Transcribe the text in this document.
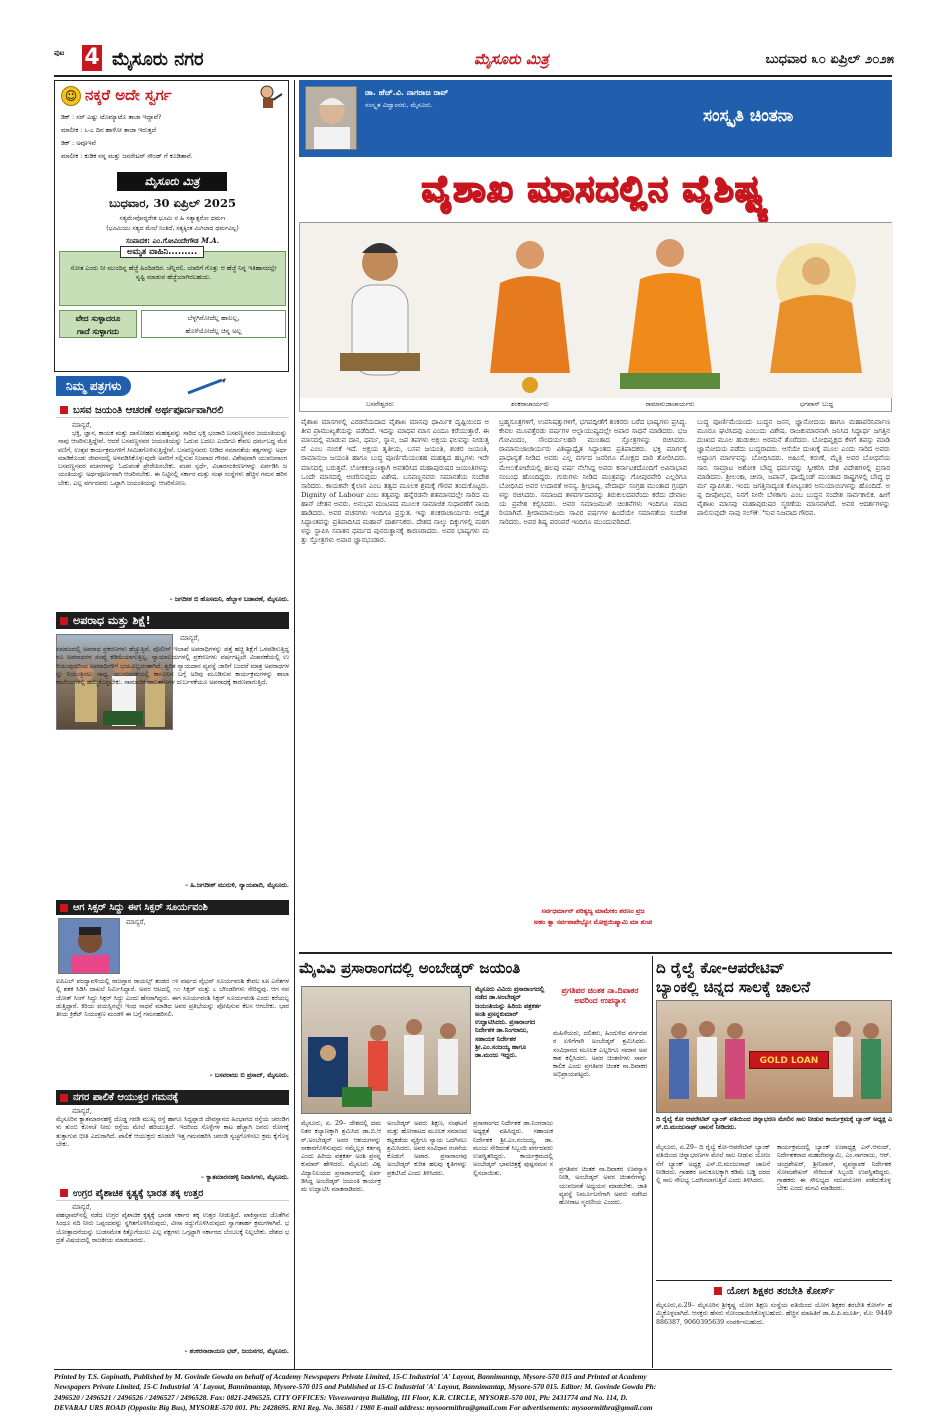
ಪುಟ 4 ಮೈಸೂರು ನಗರ	ಮೈಸೂರು ಮಿತ್ರ	ಬುಧವಾರ ೩೦ ಏಪ್ರಿಲ್ ೨೦೨೫
☺ ನಕ್ಕರೆ ಅದೇ ಸ್ವರ್ಗ
ಡಿಕ್ : ಸರ್ ಎಷ್ಟು ಟೊಮ್ಯಾಟೊ ತಾಜಾ ಇದ್ದಾವೆ?
ಮಾಲೀಕ : ೬-೭ ದಿನ ಹಾಳೋ ತಾಜಾ ಇರುತ್ತದೆ
ಡಿಕ್ : ಅವೂಇವೆ
ಮಾಲೀಕ : ಕುಡಿಕ ನನ್ನ ಮತ್ತು ಜನರೇಟರ್ ಸೌಂಡ್ ಗೆ ಕೂಡಿತಾವೆ.
ಮೈಸೂರು ಮಿತ್ರ
ಬುಧವಾರ, 30 ಏಪ್ರಿಲ್ 2025
ಸತ್ಯಮೇವೋದ್ಧರೇತ ಭೂಮಿ ನ ಹಿ ಸತ್ಯಾತ್ಪರೋ ಧರ್ಮಃ
(ಭೂಮಿಯು ಸತ್ಯದ ಮೇಲೆ ನಿಂತಿದೆ, ಸತ್ಯಕ್ಕಿಂತ ಮಿಗಿಲಾದ ಧರ್ಮವಿಲ್ಲ)
ಸಂಪಾದಕ: ಎಂ.ಗೋವಿಂದೇಗೌಡ M.A.
ಅಮೃತ ವಾಹಿನಿ.........
ಸೋತ ಎಂದು ನೀ ಮುಂದಿನ್ನ ಹೆಜ್ಜೆ ಹಿಂದಿಡದಿರ. ಚೆನ್ನಿರಲಿ, ಯಾರಿಗೆ ಗೊತ್ತು ಆ ಹೆಜ್ಜೆ ನಿನ್ನ ಇತಿಹಾಸದಲ್ಲೇ ಸೃಷ್ಟಿ ಮಾಡುವ ಹೆಜ್ಜೆಯಾಗಿರಬಹುದು.
ವೇದ ಸುಳ್ಳಾದರೂ
ಗಾದೆ ಸುಳ್ಳಾಗದು
ಬೆಳ್ಳಗಿರೋದೆಲ್ಲ ಹಾಲಲ್ಲ,
ಹೊಳೆಯೋದೆಲ್ಲ ಚಿನ್ನ ಅಲ್ಲ
ನಿಮ್ಮ ಪತ್ರಗಳು
ಬಸವ ಜಯಂತಿ ಆಚರಣೆ ಅರ್ಥಪೂರ್ಣವಾಗಿರಲಿ
ಮಾನ್ಯರೆ,
ಭಕ್ತಿ, ಜ್ಞಾನ, ಕಾಯಕ ಮತ್ತು ದಾಸೋಹದ ಮಹತ್ವವನ್ನು ಸಾರಿದ ಭಕ್ತಿ ಭಂಡಾರಿ ಬಸವಣ್ಣನವರ ಜಯಂತಿಯನ್ನು ನಾವು ಆಚರಿಸುತ್ತಿದ್ದೇವೆ. ಆದರೆ ಬಸವಣ್ಣನವರ ಜಯಂತಿಯನ್ನು ಓದುವ ಬದಲು ಎಂದಿಗೂ ಕೇವಲ ಧರ್ಮಬದ್ಧ ಮೆರವಣಿಗೆ, ಉತ್ಸವ ಕಾರ್ಯಕ್ರಮಗಳಿಗೆ ಸೀಮಿತಗೊಳಿಸುತ್ತಿದ್ದೇವೆ. ಬಸವಣ್ಣನವರು ನೀಡಿದ ಸಮಾನತೆಯ ತತ್ವಗಳನ್ನು ಅರ್ಥಮಾಡಿಕೊಂಡು ಜೀವನದಲ್ಲಿ ಅಳವಡಿಸಿಕೊಳ್ಳುವುದೇ ಅವರಿಗೆ ಸಲ್ಲಿಸುವ ನಿಜವಾದ ಗೌರವ. ವಿಶೇಷವಾಗಿ ಯುವಜನಾಂಗ ಬಸವಣ್ಣನವರ ವಚನಗಳನ್ನು ಓದುವಂತೆ ಪ್ರೇರೇಪಿಸಬೇಕು. ವಚನ ಸ್ಪರ್ಧೆ, ವಿಚಾರಸಂಕಿರಣಗಳನ್ನು ಏರ್ಪಡಿಸಿ ಜಯಂತಿಯನ್ನು ಅರ್ಥಪೂರ್ಣವಾಗಿ ಆಚರಿಸಬೇಕು. ಈ ನಿಟ್ಟಿನಲ್ಲಿ ಸರ್ಕಾರ ಮತ್ತು ಸಂಘ ಸಂಸ್ಥೆಗಳು ಹೆಚ್ಚಿನ ಗಮನ ಹರಿಸಬೇಕು. ಎಲ್ಲ ವರ್ಗದವರು ಒಟ್ಟಾಗಿ ಜಯಂತಿಯನ್ನು ಆಚರಿಸೋಣ.
– ಜಗದೀಶ ಬಿ ಹೊಸಮನಿ, ಹೆಬ್ಬಾಳ ಬಡಾವಣೆ, ಮೈಸೂರು.
ಅಪರಾಧ ಮತ್ತು ಶಿಕ್ಷೆ!
ಮಾನ್ಯರೆ,
ಸಮಾಜದಲ್ಲಿ ಅಪರಾಧ ಪ್ರಕರಣಗಳು ಹೆಚ್ಚುತ್ತಿವೆ. ಪೊಲೀಸ್ ಇಲಾಖೆ ಅಪರಾಧಿಗಳನ್ನು ಪತ್ತೆ ಹಚ್ಚಿ ಶಿಕ್ಷೆಗೆ ಒಳಪಡಿಸುತ್ತಿದ್ದರೂ ಅಪರಾಧಗಳ ಸಂಖ್ಯೆ ಕಡಿಮೆಯಾಗುತ್ತಿಲ್ಲ. ನ್ಯಾಯಾಲಯಗಳಲ್ಲಿ ಪ್ರಕರಣಗಳು ವರ್ಷಗಟ್ಟಲೇ ವಿಚಾರಣೆಯಲ್ಲಿ ಉಳಿಯುವುದರಿಂದ ಅಪರಾಧಿಗಳಿಗೆ ಭಯವಿಲ್ಲದಂತಾಗಿದೆ. ತ್ವರಿತ ನ್ಯಾಯದಾನ ವ್ಯವಸ್ಥೆ ಜಾರಿಗೆ ಬಂದರೆ ಮಾತ್ರ ಅಪರಾಧಗಳನ್ನು ನಿಯಂತ್ರಿಸಲು ಸಾಧ್ಯ. ಯುವಜನತೆಯಲ್ಲಿ ಕಾನೂನಿನ ಬಗ್ಗೆ ಅರಿವು ಮೂಡಿಸುವ ಕಾರ್ಯಕ್ರಮಗಳನ್ನು ಶಾಲಾ ಕಾಲೇಜುಗಳಲ್ಲಿ ಹಮ್ಮಿಕೊಳ್ಳಬೇಕು. ಸಾಮಾಜಿಕ ಜಾಲತಾಣಗಳ ದುರ್ಬಳಕೆಯೂ ಅಪರಾಧಕ್ಕೆ ಕಾರಣವಾಗುತ್ತಿದೆ.
– ಹಿ.ಜಗದೀಶ್ ಮುರುಳಿ, ನ್ಯಾಯವಾದಿ, ಮೈಸೂರು.
ಆಗ ಸಿಕ್ಸರ್ ಸಿದ್ದು ಈಗ ಸಿಕ್ಸರ್ ಸೂರ್ಯವಂಶಿ
ಮಾನ್ಯರೆ,
ಐಪಿಎಲ್ ಪಂದ್ಯಾವಳಿಯಲ್ಲಿ ರಾಜಸ್ತಾನ ರಾಯಲ್ಸ್ ತಂಡದ ೧೪ ವರ್ಷದ ವೈಭವ್ ಸೂರ್ಯವಂಶಿ ಕೇವಲ ೩೫ ಎಸೆತಗಳಲ್ಲಿ ಶತಕ ಸಿಡಿಸಿ ದಾಖಲೆ ನಿರ್ಮಿಸಿದ್ದಾರೆ. ಅವರ ಆಟದಲ್ಲಿ ೧೧ ಸಿಕ್ಸರ್ ಮತ್ತು ೭ ಬೌಂಡರಿಗಳು ಸೇರಿದ್ದವು. ಆಗ ನವಜೋತ್ ಸಿಂಗ್ ಸಿದ್ದು ಸಿಕ್ಸರ್ ಸಿದ್ದು ಎಂದು ಹೆಸರಾಗಿದ್ದರು. ಈಗ ಸೂರ್ಯವಂಶಿ ಸಿಕ್ಸರ್ ಸೂರ್ಯವಂಶಿ ಎಂದು ಕರೆಯಲ್ಪಡುತ್ತಿದ್ದಾರೆ. ಕಿರಿಯ ವಯಸ್ಸಿನಲ್ಲೇ ಇಂಥ ಸಾಧನೆ ಮಾಡಿದ ಅವರ ಪ್ರತಿಭೆಯನ್ನು ಪೋಷಿಸುವ ಕೆಲಸ ಆಗಬೇಕು. ಭಾರತೀಯ ಕ್ರಿಕೆಟ್ ನಿಯಂತ್ರಣ ಮಂಡಳಿ ಈ ಬಗ್ಗೆ ಗಮನಹರಿಸಲಿ.
– ಬಸವರಾಜು ಬಿ ಪ್ರಸಾದ್, ಮೈಸೂರು.
ನಗರ ಪಾಲಿಕೆ ಆಯುಕ್ತರ ಗಮನಕ್ಕೆ
ಮಾನ್ಯರೆ,
ಮೈಸೂರಿನ ಕ್ಯಾತಮಾರನಹಳ್ಳಿ ದೊಡ್ಡ ಗರಡಿ ಮುಖ್ಯ ರಸ್ತೆ ಹಾಗೂ ಸಿದ್ದಪ್ಪಾಜಿ ದೇವಸ್ಥಾನದ ಹಿಂಭಾಗದ ರಸ್ತೆಯ ಚರಂಡಿಗಳು ತುಂಬಿ ಕೊಳಚೆ ನೀರು ರಸ್ತೆಯ ಮೇಲೆ ಹರಿಯುತ್ತಿದೆ. ಇದರಿಂದ ಸೊಳ್ಳೆಗಳ ಕಾಟ ಹೆಚ್ಚಾಗಿ ಜನರು ರೋಗಕ್ಕೆ ತುತ್ತಾಗುವ ಭೀತಿ ಎದುರಾಗಿದೆ. ಪಾಲಿಕೆ ಆಯುಕ್ತರು ಕೂಡಲೇ ಇತ್ತ ಗಮನಹರಿಸಿ ಚರಂಡಿ ಸ್ವಚ್ಛಗೊಳಿಸಲು ಕ್ರಮ ಕೈಗೊಳ್ಳಬೇಕು.
– ಕ್ಯಾತಮಾರನಹಳ್ಳಿ ನಿವಾಸಿಗಳು, ಮೈಸೂರು.
ಉಗ್ರರ ಪೈಶಾಚಿಕ ಕೃತ್ಯಕ್ಕೆ ಭಾರತ ತಕ್ಕ ಉತ್ತರ
ಮಾನ್ಯರೆ,
ಪಹಲ್ಗಾಮ್‌ನಲ್ಲಿ ನಡೆದ ಉಗ್ರರ ಪೈಶಾಚಿಕ ಕೃತ್ಯಕ್ಕೆ ಭಾರತ ಸರ್ಕಾರ ತಕ್ಕ ಉತ್ತರ ನೀಡುತ್ತಿದೆ. ಪಾಕಿಸ್ತಾನದ ಜೊತೆಗಿನ ಸಿಂಧೂ ನದಿ ನೀರು ಒಪ್ಪಂದವನ್ನು ಸ್ಥಗಿತಗೊಳಿಸಿರುವುದು, ವೀಸಾ ರದ್ದುಗೊಳಿಸಿರುವುದು ಸ್ವಾಗತಾರ್ಹ ಕ್ರಮಗಳಾಗಿವೆ. ಭಯೋತ್ಪಾದನೆಯನ್ನು ಬುಡಸಮೇತ ಕಿತ್ತೊಗೆಯಲು ಎಲ್ಲ ಪಕ್ಷಗಳು ಒಗ್ಗಟ್ಟಾಗಿ ಸರ್ಕಾರದ ಬೆಂಬಲಕ್ಕೆ ನಿಲ್ಲಬೇಕು. ದೇಶದ ಭದ್ರತೆ ವಿಷಯದಲ್ಲಿ ರಾಜಕೀಯ ಮಾಡಬಾರದು.
– ಶಂಕರನಾರಾಯಣ ಭಟ್, ಜಯನಗರ, ಮೈಸೂರು.
ಡಾ. ಹೆಚ್.ವಿ. ನಾಗರಾಜ ರಾವ್
ಸಂಸ್ಕೃತ ವಿದ್ವಾಂಸರು, ಮೈಸೂರು.
ಸಂಸ್ಕೃತಿ ಚಿಂತನಾ
ವೈಶಾಖ ಮಾಸದಲ್ಲಿನ ವೈಶಿಷ್ಟ್ಯ
ಬಸವೇಶ್ವರರು	ಶಂಕರಾಚಾರ್ಯರು	ರಾಮಾನುಜಾಚಾರ್ಯರು	ಭಗವಾನ್ ಬುದ್ಧ
ವೈಶಾಖ ಮಾಸಗಳಲ್ಲಿ ಎರಡನೆಯದಾದ ವೈಶಾಖ ಮಾಸವು ಧಾರ್ಮಿಕ ದೃಷ್ಟಿಯಿಂದ ಅತೀವ ಪ್ರಾಮುಖ್ಯತೆಯನ್ನು ಪಡೆದಿದೆ. ಇದನ್ನು ಮಾಧವ ಮಾಸ ಎಂದೂ ಕರೆಯುತ್ತಾರೆ. ಈ ಮಾಸದಲ್ಲಿ ಮಾಡುವ ದಾನ, ಧರ್ಮ, ಸ್ನಾನ, ಜಪ ತಪಗಳು ಅಕ್ಷಯ ಫಲವನ್ನು ನೀಡುತ್ತವೆ ಎಂಬ ನಂಬಿಕೆ ಇದೆ. ಅಕ್ಷಯ ತೃತೀಯ, ಬಸವ ಜಯಂತಿ, ಶಂಕರ ಜಯಂತಿ, ರಾಮಾನುಜ ಜಯಂತಿ ಹಾಗೂ ಬುದ್ಧ ಪೂರ್ಣಿಮೆಯಂತಹ ಮಹತ್ವದ ಹಬ್ಬಗಳು ಇದೇ ಮಾಸದಲ್ಲಿ ಬರುತ್ತವೆ. ಲೋಕಕಲ್ಯಾಣಕ್ಕಾಗಿ ಅವತರಿಸಿದ ಮಹಾಪುರುಷರ ಜಯಂತಿಗಳನ್ನು ಒಂದೇ ಮಾಸದಲ್ಲಿ ಆಚರಿಸುವುದು ವಿಶೇಷ. ಬಸವಣ್ಣನವರು ಸಮಾನತೆಯ ಸಂದೇಶ ಸಾರಿದರು. ಕಾಯಕವೇ ಕೈಲಾಸ ಎಂಬ ತತ್ವದ ಮೂಲಕ ಶ್ರಮಕ್ಕೆ ಗೌರವ ತಂದುಕೊಟ್ಟರು. Dignity of Labour ಎಂಬ ತತ್ವವನ್ನು ಹನ್ನೆರಡನೇ ಶತಮಾನದಲ್ಲೇ ಸಾರಿದ ಮಹಾನ್ ಚೇತನ ಅವರು. ಅನುಭವ ಮಂಟಪದ ಮೂಲಕ ಸಾಮಾಜಿಕ ಸುಧಾರಣೆಗೆ ನಾಂದಿ ಹಾಡಿದರು. ಅವರ ವಚನಗಳು ಇಂದಿಗೂ ಪ್ರಸ್ತುತ. ಇನ್ನು ಶಂಕರಾಚಾರ್ಯರು ಅದ್ವೈತ ಸಿದ್ಧಾಂತವನ್ನು ಪ್ರತಿಪಾದಿಸಿದ ಮಹಾನ್ ದಾರ್ಶನಿಕರು. ದೇಶದ ನಾಲ್ಕು ದಿಕ್ಕುಗಳಲ್ಲಿ ಮಠಗಳನ್ನು ಸ್ಥಾಪಿಸಿ ಸನಾತನ ಧರ್ಮದ ಪುನರುತ್ಥಾನಕ್ಕೆ ಕಾರಣರಾದರು. ಅವರ ಭಾಷ್ಯಗಳು ಮತ್ತು ಸ್ತೋತ್ರಗಳು ಅಪಾರ ಜ್ಞಾನಭಂಡಾರ.
ಬ್ರಹ್ಮಸೂತ್ರಗಳಿಗೆ, ಉಪನಿಷತ್ತುಗಳಿಗೆ, ಭಗವದ್ಗೀತೆಗೆ ಶಂಕರರು ಬರೆದ ಭಾಷ್ಯಗಳು ಪ್ರಸಿದ್ಧ. ಕೇವಲ ಮೂವತ್ತೆರಡು ವರ್ಷಗಳ ಅಲ್ಪಾಯುಷ್ಯದಲ್ಲೇ ಅಪಾರ ಸಾಧನೆ ಮಾಡಿದರು. ಭಜಗೋವಿಂದಂ, ಸೌಂದರ್ಯಲಹರಿ ಮುಂತಾದ ಸ್ತೋತ್ರಗಳನ್ನು ರಚಿಸಿದರು. ರಾಮಾನುಜಾಚಾರ್ಯರು ವಿಶಿಷ್ಟಾದ್ವೈತ ಸಿದ್ಧಾಂತದ ಪ್ರತಿಪಾದಕರು. ಭಕ್ತಿ ಮಾರ್ಗಕ್ಕೆ ಪ್ರಾಧಾನ್ಯತೆ ನೀಡಿದ ಅವರು ಎಲ್ಲ ವರ್ಗದ ಜನರಿಗೂ ಮೋಕ್ಷದ ದಾರಿ ತೋರಿಸಿದರು. ಮೇಲುಕೋಟೆಯಲ್ಲಿ ಹಲವು ವರ್ಷ ನೆಲೆಸಿದ್ದ ಅವರು ಕರ್ನಾಟಕದೊಂದಿಗೆ ಅವಿನಾಭಾವ ಸಂಬಂಧ ಹೊಂದಿದ್ದರು. ಗುರುಗಳು ನೀಡಿದ ಮಂತ್ರವನ್ನು ಗೋಪುರವೇರಿ ಎಲ್ಲರಿಗೂ ಬೋಧಿಸಿದ ಅವರ ಉದಾರತೆ ಅನನ್ಯ. ಶ್ರೀಭಾಷ್ಯ, ವೇದಾರ್ಥ ಸಂಗ್ರಹ ಮುಂತಾದ ಗ್ರಂಥಗಳನ್ನು ರಚಿಸಿದರು. ಸಮಾಜದ ತಳವರ್ಗದವರನ್ನು ತಿರುಕುಲದವರೆಂದು ಕರೆದು ದೇವಾಲಯ ಪ್ರವೇಶ ಕಲ್ಪಿಸಿದರು. ಅವರ ಸಮಾಜಮುಖಿ ಚಿಂತನೆಗಳು ಇಂದಿಗೂ ಮಾದರಿಯಾಗಿವೆ. ಶ್ರೀರಾಮಾನುಜರು ಸಾವಿರ ವರ್ಷಗಳ ಹಿಂದೆಯೇ ಸಮಾನತೆಯ ಸಂದೇಶ ಸಾರಿದರು. ಅವರ ಶಿಷ್ಯ ಪರಂಪರೆ ಇಂದಿಗೂ ಮುಂದುವರಿದಿದೆ.
ಬುದ್ಧ ಪೂರ್ಣಿಮೆಯಂದು ಬುದ್ಧನ ಜನನ, ಜ್ಞಾನೋದಯ ಹಾಗೂ ಮಹಾಪರಿನಿರ್ವಾಣ ಮೂರೂ ಘಟಿಸಿದವು ಎಂಬುದು ವಿಶೇಷ. ರಾಜಕುಮಾರನಾಗಿ ಜನಿಸಿದ ಸಿದ್ಧಾರ್ಥ ಜಗತ್ತಿನ ದುಃಖದ ಮೂಲ ಹುಡುಕಲು ಅರಮನೆ ತೊರೆದರು. ಬೋಧಿವೃಕ್ಷದ ಕೆಳಗೆ ತಪಸ್ಸು ಮಾಡಿ ಜ್ಞಾನೋದಯ ಪಡೆದು ಬುದ್ಧರಾದರು. ಆಸೆಯೇ ದುಃಖಕ್ಕೆ ಮೂಲ ಎಂದು ಸಾರಿದ ಅವರು ಅಷ್ಟಾಂಗ ಮಾರ್ಗವನ್ನು ಬೋಧಿಸಿದರು. ಅಹಿಂಸೆ, ಕರುಣೆ, ಮೈತ್ರಿ ಅವರ ಬೋಧನೆಯ ಸಾರ. ಸಾಮ್ರಾಟ ಅಶೋಕ ಬೌದ್ಧ ಧರ್ಮವನ್ನು ಸ್ವೀಕರಿಸಿ ದೇಶ ವಿದೇಶಗಳಲ್ಲಿ ಪ್ರಸಾರ ಮಾಡಿದನು. ಶ್ರೀಲಂಕಾ, ಚೀನಾ, ಜಪಾನ್, ಥಾಯ್ಲೆಂಡ್ ಮುಂತಾದ ರಾಷ್ಟ್ರಗಳಲ್ಲಿ ಬೌದ್ಧ ಧರ್ಮ ವ್ಯಾಪಿಸಿತು. ಇಂದು ಜಗತ್ತಿನಾದ್ಯಂತ ಕೋಟ್ಯಂತರ ಅನುಯಾಯಿಗಳನ್ನು ಹೊಂದಿದೆ. ಅಪ್ಪ ದೀಪೋಭವ, ನಿನಗೆ ನೀನೇ ಬೆಳಕಾಗು ಎಂಬ ಬುದ್ಧನ ಸಂದೇಶ ಸಾರ್ವಕಾಲಿಕ. ಹೀಗೆ ವೈಶಾಖ ಮಾಸವು ಮಹಾಪುರುಷರ ಸ್ಮರಣೆಯ ಮಾಸವಾಗಿದೆ. ಅವರ ಆದರ್ಶಗಳನ್ನು ಪಾಲಿಸುವುದೇ ನಾವು ಸಲ್लಿಸುವ ನಿಜವಾದ ಗೌರವ.
ಸರ್ವಧರ್ಮಾನ್ ಪರಿತ್ಯಜ್ಯ ಮಾಮೇಕಂ ಶರಣಂ ವ್ರಜ
ಅಹಂ ತ್ವಾ ಸರ್ವಪಾಪೇಭ್ಯೋ ಮೋಕ್ಷಯಿಷ್ಯಾಮಿ ಮಾ ಶುಚಃ
ಮೈವಿವಿ ಪ್ರಸಾರಾಂಗದಲ್ಲಿ ಅಂಬೇಡ್ಕರ್ ಜಯಂತಿ
ಮೈಸೂರು ವಿವಿಯ ಪ್ರಸಾರಾಂಗದಲ್ಲಿ ನಡೆದ ಡಾ.ಅಂಬೇಡ್ಕರ್ ಜಯಂತಿಯನ್ನು ಹಿರಿಯ ಪತ್ರಕರ್ತ ಅಂಶಿ ಪ್ರಸನ್ನಕುಮಾರ್ ಉದ್ಘಾಟಿಸಿದರು. ಪ್ರಸಾರಾಂಗದ ನಿರ್ದೇಶಕ ಡಾ.ನಿಂಗರಾಜು, ಸಹಾಯಕ ನಿರ್ದೇಶಕ ಶ್ರೀ.ಎಂ.ಸಂಜಯ್ಯ ಹಾಗೂ ಡಾ.ಮಂಜು ಇದ್ದರು.
ಪ್ರಗತಿಪರ ಚಿಂತಕ ನಾ.ದಿವಾಕರ ಅವರಿಂದ ಉಪನ್ಯಾಸ
ಮಹಿಳೆಯರು, ದಲಿತರು, ಹಿಂದುಳಿದ ವರ್ಗದವರ ಏಳಿಗೆಗಾಗಿ ಅಂಬೇಡ್ಕರ್ ಶ್ರಮಿಸಿದರು. ಸಂವಿಧಾನದ ಮೂಲಕ ಎಲ್ಲರಿಗೂ ಸಮಾನ ಅವಕಾಶ ಕಲ್ಪಿಸಿದರು. ಅವರ ಚಿಂತನೆಗಳು ಸಾರ್ವಕಾಲಿಕ ಎಂದು ಪ್ರಗತಿಪರ ಚಿಂತಕ ನಾ.ದಿವಾಕರ ಅಭಿಪ್ರಾಯಪಟ್ಟರು.
ಮೈಸೂರು, ಏ. 29– ದೇಶದಲ್ಲಿ ದಮನಿತರ ಕಲ್ಯಾಣಕ್ಕಾಗಿ ಶ್ರಮಿಸಿದ ಡಾ.ಬಿ.ಆರ್.ಅಂಬೇಡ್ಕರ್ ಅವರ ಆಶಯಗಳನ್ನು ಸಾಕಾರಗೊಳಿಸುವುದು ನಮ್ಮೆಲ್ಲರ ಕರ್ತವ್ಯ ಎಂದು ಹಿರಿಯ ಪತ್ರಕರ್ತ ಅಂಶಿ ಪ್ರಸನ್ನಕುಮಾರ್ ಹೇಳಿದರು. ಮೈಸೂರು ವಿಶ್ವವಿದ್ಯಾನಿಲಯದ ಪ್ರಸಾರಾಂಗದಲ್ಲಿ ಏರ್ಪಡಿಸಿದ್ದ ಅಂಬೇಡ್ಕರ್ ಜಯಂತಿ ಕಾರ್ಯಕ್ರಮ ಉದ್ಘಾಟಿಸಿ ಮಾತನಾಡಿದರು.
ಅಂಬೇಡ್ಕರ್ ಅವರು ಶಿಕ್ಷಣ, ಸಂಘಟನೆ ಮತ್ತು ಹೋರಾಟದ ಮೂಲಕ ಸಮಾಜದ ಕಟ್ಟಕಡೆಯ ವ್ಯಕ್ತಿಗೂ ನ್ಯಾಯ ಒದಗಿಸಲು ಶ್ರಮಿಸಿದರು. ಅವರ ಸಂವಿಧಾನ ರಚನೆಯ ಕೊಡುಗೆ ಅಪಾರ. ಪ್ರಸಾರಾಂಗವು ಅಂಬೇಡ್ಕರ್ ಕುರಿತ ಹಲವು ಕೃತಿಗಳನ್ನು ಪ್ರಕಟಿಸಿದೆ ಎಂದು ತಿಳಿಸಿದರು.
ಪ್ರಸಾರಾಂಗದ ನಿರ್ದೇಶಕ ಡಾ.ನಿಂಗರಾಜು ಅಧ್ಯಕ್ಷತೆ ವಹಿಸಿದ್ದರು. ಸಹಾಯಕ ನಿರ್ದೇಶಕ ಶ್ರೀ.ಎಂ.ಸಂಜಯ್ಯ, ಡಾ.ಮಂಜು ಸೇರಿದಂತೆ ಸಿಬ್ಬಂದಿ ವರ್ಗದವರು ಉಪಸ್ಥಿತರಿದ್ದರು. ಕಾರ್ಯಕ್ರಮದಲ್ಲಿ ಅಂಬೇಡ್ಕರ್ ಭಾವಚಿತ್ರಕ್ಕೆ ಪುಷ್ಪನಮನ ಸಲ್ಲಿಸಲಾಯಿತು.
ಪ್ರಗತಿಪರ ಚಿಂತಕ ನಾ.ದಿವಾಕರ ಉಪನ್ಯಾಸ ನೀಡಿ, ಅಂಬೇಡ್ಕರ್ ಅವರ ಚಿಂತನೆಗಳನ್ನು ಯುವಜನತೆ ಅಧ್ಯಯನ ಮಾಡಬೇಕು. ಜಾತಿ ವ್ಯವಸ್ಥೆ ನಿರ್ಮೂಲನೆಗಾಗಿ ಅವರು ನಡೆಸಿದ ಹೋರಾಟ ಸ್ಮರಣೀಯ ಎಂದರು.
ದಿ ರೈಲ್ವೆ ಕೋ-ಆಪರೇಟಿವ್
ಬ್ಯಾಂಕಲ್ಲಿ ಚಿನ್ನದ ಸಾಲಕ್ಕೆ ಚಾಲನೆ
GOLD LOAN
ದಿ ರೈಲ್ವೆ ಕೋ ಆಪರೇಟಿವ್ ಬ್ಯಾಂಕ್ ವತಿಯಿಂದ ಚಿನ್ನಾಭರಣ ಮೇಲಿನ ಸಾಲ ನೀಡುವ ಕಾರ್ಯಕ್ರಮಕ್ಕೆ ಬ್ಯಾಂಕ್ ಅಧ್ಯಕ್ಷ ಎಸ್.ಬಿ.ಮಂಜುನಾಥ್ ಚಾಲನೆ ನೀಡಿದರು.
ಮೈಸೂರು, ಏ.29– ದಿ ರೈಲ್ವೆ ಕೋ-ಆಪರೇಟಿವ್ ಬ್ಯಾಂಕ್ ವತಿಯಿಂದ ಚಿನ್ನಾಭರಣಗಳ ಮೇಲೆ ಸಾಲ ನೀಡುವ ಯೋಜನೆಗೆ ಬ್ಯಾಂಕ್ ಅಧ್ಯಕ್ಷ ಎಸ್.ಬಿ.ಮಂಜುನಾಥ್ ಚಾಲನೆ ನೀಡಿದರು. ಗ್ರಾಹಕರ ಅನುಕೂಲಕ್ಕಾಗಿ ಕಡಿಮೆ ಬಡ್ಡಿ ದರದಲ್ಲಿ ಸಾಲ ಸೌಲಭ್ಯ ಒದಗಿಸಲಾಗುತ್ತಿದೆ ಎಂದು ತಿಳಿಸಿದರು.
ಕಾರ್ಯಕ್ರಮದಲ್ಲಿ ಬ್ಯಾಂಕ್ ಉಪಾಧ್ಯಕ್ಷ ಎಸ್.ಆನಂದ್, ನಿರ್ದೇಶಕರಾದ ಮಹದೇವಸ್ವಾಮಿ, ಎಂ.ನಾಗರಾಜು, ಆರ್.ಚಂದ್ರಶೇಖರ್, ಶ್ರೀನಿವಾಸ್, ವ್ಯವಸ್ಥಾಪಕ ನಿರ್ದೇಶಕ ಸೋಮಶೇಖರ್ ಸೇರಿದಂತೆ ಸಿಬ್ಬಂದಿ ಉಪಸ್ಥಿತರಿದ್ದರು. ಗ್ರಾಹಕರು ಈ ಸೌಲಭ್ಯದ ಸದುಪಯೋಗ ಪಡೆದುಕೊಳ್ಳಬೇಕು ಎಂದು ಮನವಿ ಮಾಡಿದರು.
ಯೋಗ ಶಿಕ್ಷಕರ ತರಬೇತಿ ಕೋರ್ಸ್
ಮೈಸೂರು,ಏ.29– ಮೈಸೂರಿನ ಶ್ರೀಕೃಷ್ಣ ಯೋಗ ಶಿಕ್ಷಣ ಸಂಸ್ಥೆಯ ವತಿಯಿಂದ ಯೋಗ ಶಿಕ್ಷಕರ ತರಬೇತಿ ಕೋರ್ಸ್ ಹಮ್ಮಿಕೊಳ್ಳಲಾಗಿದೆ. ಆಸಕ್ತರು ಹೆಸರು ನೋಂದಾಯಿಸಿಕೊಳ್ಳಬಹುದು. ಹೆಚ್ಚಿನ ಮಾಹಿತಿಗೆ ಡಾ.ಪಿ.ಪಿ.ಮೂರ್ತಿ, ಮೊ: 9449886387, 9060395639 ಸಂಪರ್ಕಿಸಬಹುದು.
Printed by T.S. Gopinath, Published by M. Govinde Gowda on behalf of Academy Newspapers Private Limited, 15-C Industrial 'A' Layout, Bannimantap, Mysore-570 015 and Printed at Academy
Newspapers Private Limited, 15-C Industrial 'A' Layout, Bannimantap, Mysore-570 015 and Published at 15-C Industrial 'A' Layout, Bannimantap, Mysore-570 015. Editor: M. Govinde Gowda Ph:
2496520 / 2496521 / 2496526 / 2496527 / 2496528. Fax: 0821-2496525. CITY OFFICES: Visveswaraya Building, III Floor, K.R. CIRCLE, MYSORE-570 001, Ph: 2431774 and No. 114, D.
DEVARAJ URS ROAD (Opposite Big Bus), MYSORE-570 001. Ph: 2428695. RNI Reg. No. 36581 / 1980 E-mail address: mysoormithra@gmail.com For advertisements: mysoormithra@gmail.com
